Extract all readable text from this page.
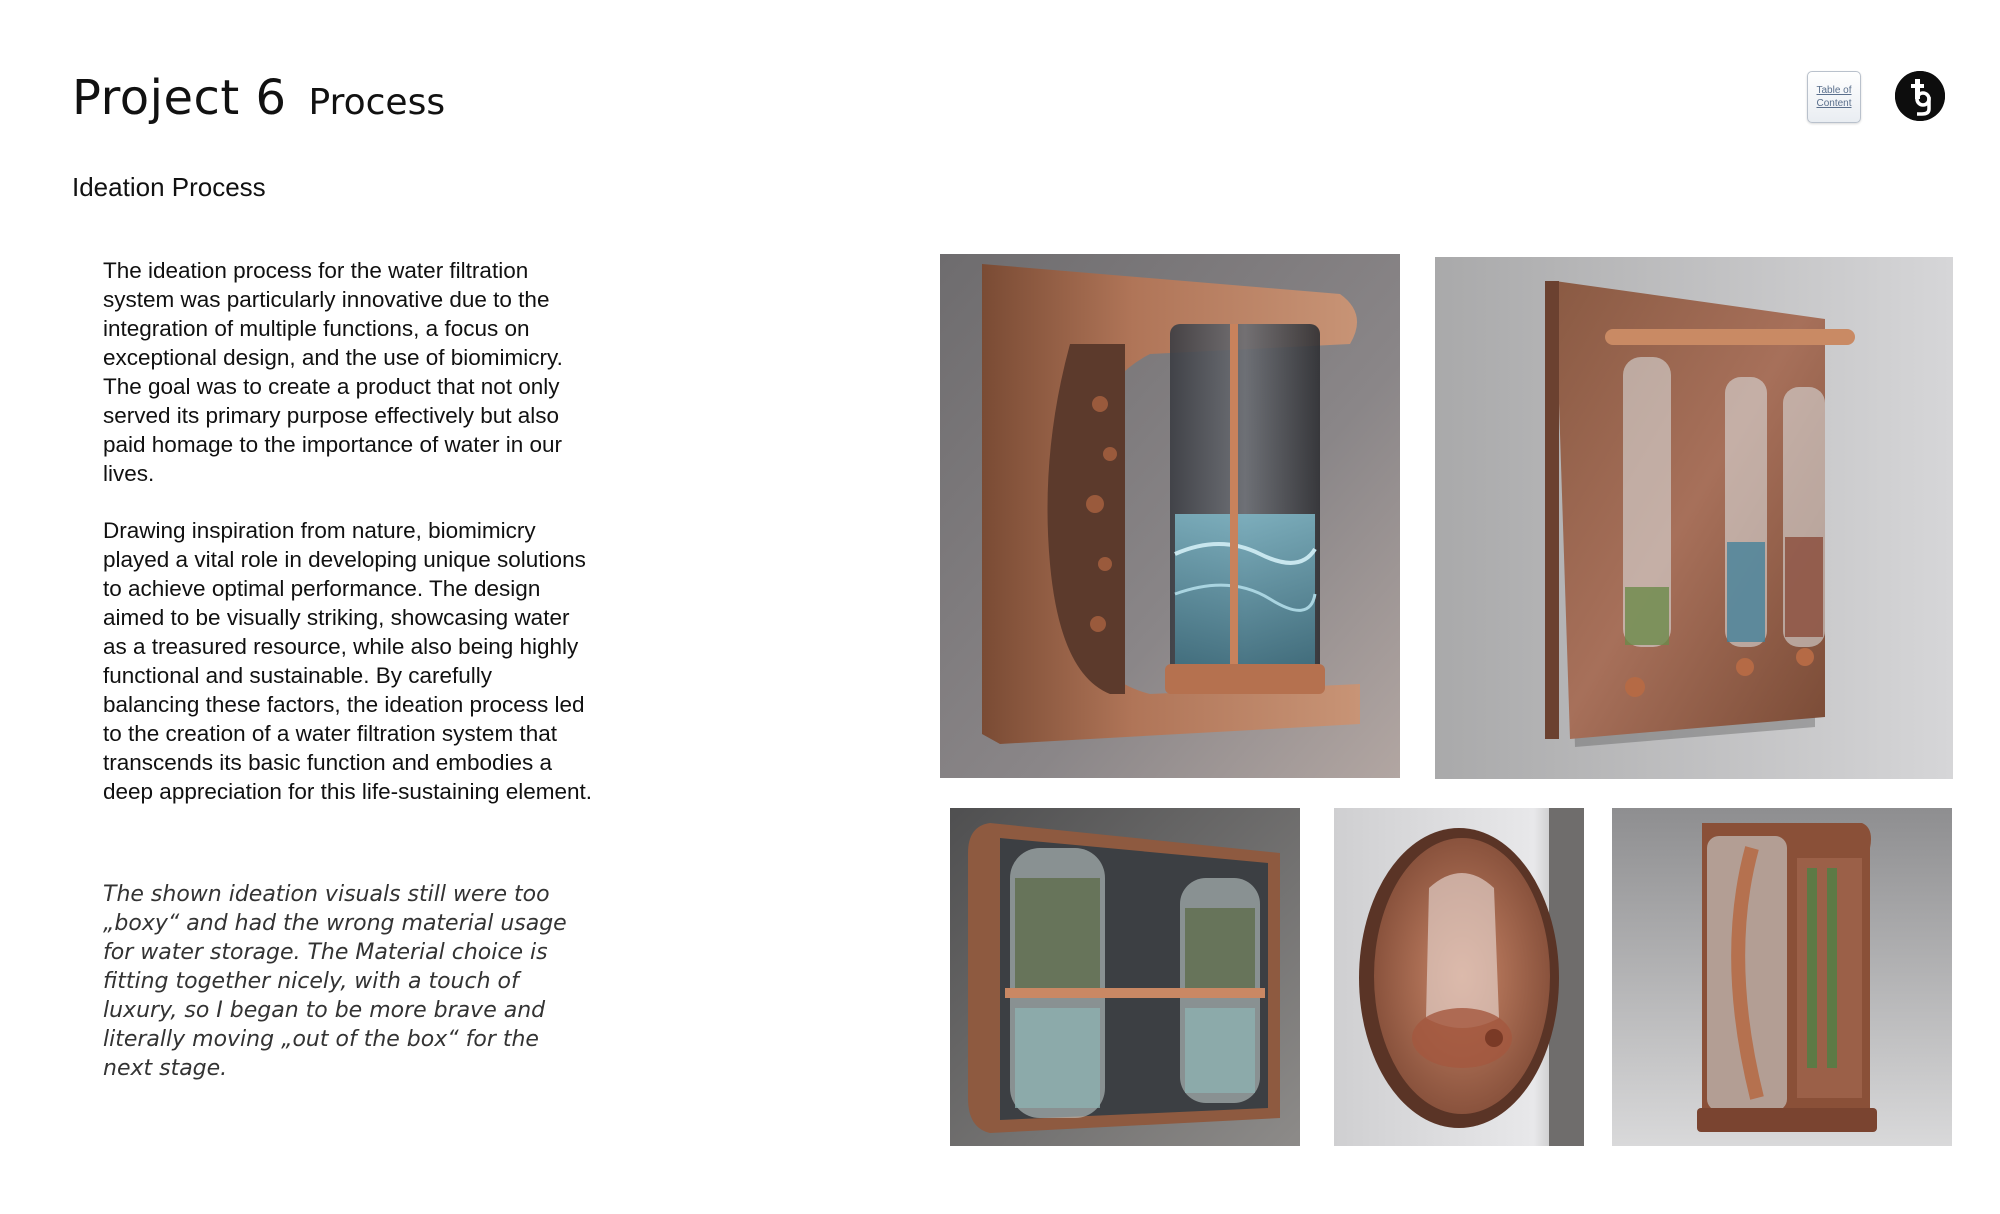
Project 6 Process
Ideation Process

The ideation process for the water filtration system was particularly innovative due to the integration of multiple functions, a focus on exceptional design, and the use of biomimicry. The goal was to create a product that not only served its primary purpose effectively but also paid homage to the importance of water in our lives.

Drawing inspiration from nature, biomimicry played a vital role in developing unique solutions to achieve optimal performance. The design aimed to be visually striking, showcasing water as a treasured resource, while also being highly functional and sustainable. By carefully balancing these factors, the ideation process led to the creation of a water filtration system that transcends its basic function and embodies a deep appreciation for this life-sustaining element.

The shown ideation visuals still were too „boxy“ and had the wrong material usage for water storage. The Material choice is fitting together nicely, with a touch of luxury, so I began to be more brave and literally moving „out of the box“ for the next stage.

Table of Content
